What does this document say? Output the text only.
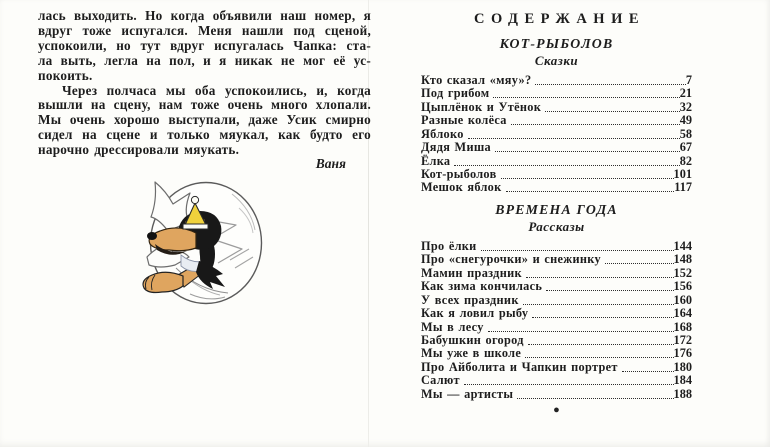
лась выходить. Но когда объявили наш номер, я
вдруг тоже испугался. Меня нашли под сценой,
успокоили, но тут вдруг испугалась Чапка: ста-
ла выть, легла на пол, и я никак не мог её ус-
покоить.
Через полчаса мы оба успокоились, и, когда
вышли на сцену, нам тоже очень много хлопали.
Мы очень хорошо выступали, даже Усик смирно
сидел на сцене и только мяукал, как будто его
нарочно дрессировали мяукать.
Ваня
СОДЕРЖАНИЕ
КОТ-РЫБОЛОВ
Сказки
Кто сказал «мяу»?	7
Под грибом	21
Цыплёнок и Утёнок	32
Разные колёса	49
Яблоко	58
Дядя Миша	67
Ёлка	82
Кот-рыболов	101
Мешок яблок	117
ВРЕМЕНА ГОДА
Рассказы
Про ёлки	144
Про «снегурочки» и снежинку	148
Мамин праздник	152
Как зима кончилась	156
У всех праздник	160
Как я ловил рыбу	164
Мы в лесу	168
Бабушкин огород	172
Мы уже в школе	176
Про Айболита и Чапкин портрет	180
Салют	184
Мы — артисты	188
●
